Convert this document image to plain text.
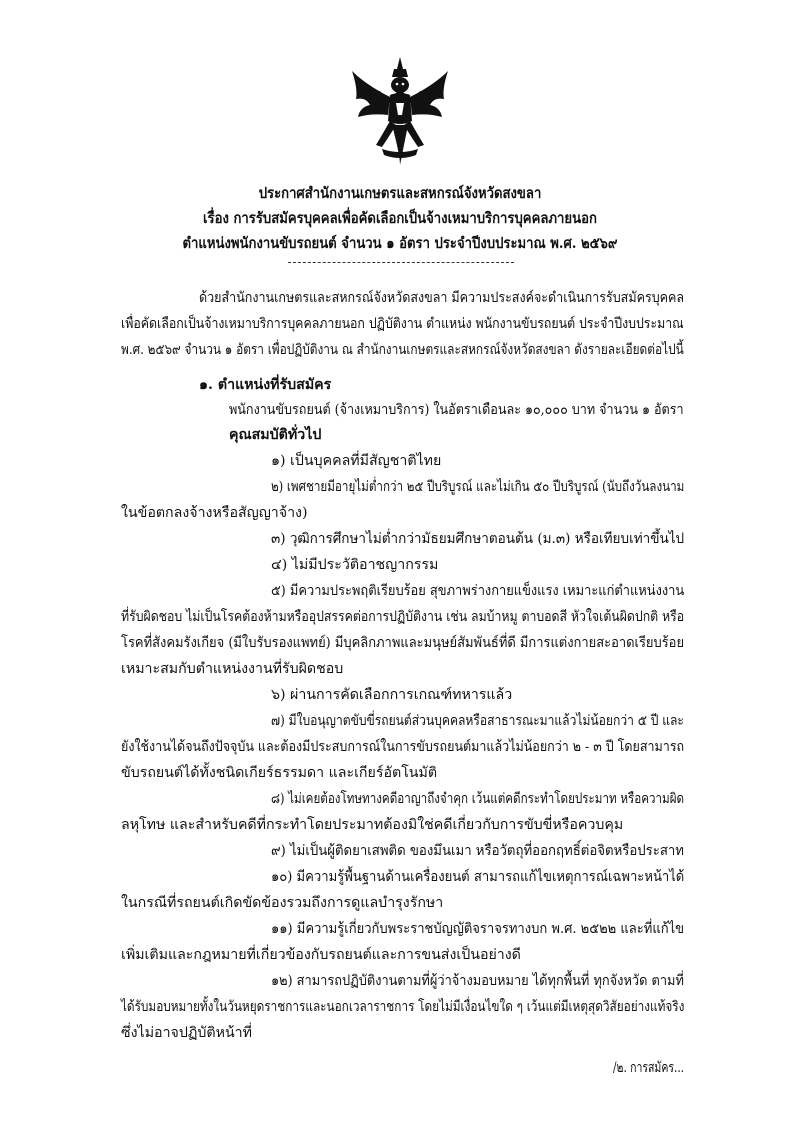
ประกาศสำนักงานเกษตรและสหกรณ์จังหวัดสงขลา
เรื่อง การรับสมัครบุคคลเพื่อคัดเลือกเป็นจ้างเหมาบริการบุคคลภายนอก
ตำแหน่งพนักงานขับรถยนต์ จำนวน ๑ อัตรา ประจำปีงบประมาณ พ.ศ. ๒๕๖๙
ด้วยสำนักงานเกษตรและสหกรณ์จังหวัดสงขลา มีความประสงค์จะดำเนินการรับสมัครบุคคล
เพื่อคัดเลือกเป็นจ้างเหมาบริการบุคคลภายนอก ปฏิบัติงาน ตำแหน่ง พนักงานขับรถยนต์ ประจำปีงบประมาณ
พ.ศ. ๒๕๖๙ จำนวน ๑ อัตรา เพื่อปฏิบัติงาน ณ สำนักงานเกษตรและสหกรณ์จังหวัดสงขลา ดังรายละเอียดต่อไปนี้
๑. ตำแหน่งที่รับสมัคร
พนักงานขับรถยนต์ (จ้างเหมาบริการ) ในอัตราเดือนละ ๑๐,๐๐๐ บาท จำนวน ๑ อัตรา
คุณสมบัติทั่วไป
๑) เป็นบุคคลที่มีสัญชาติไทย
๒) เพศชายมีอายุไม่ต่ำกว่า ๒๕ ปีบริบูรณ์ และไม่เกิน ๕๐ ปีบริบูรณ์ (นับถึงวันลงนาม
ในข้อตกลงจ้างหรือสัญญาจ้าง)
๓) วุฒิการศึกษาไม่ต่ำกว่ามัธยมศึกษาตอนต้น (ม.๓) หรือเทียบเท่าขึ้นไป
๔) ไม่มีประวัติอาชญากรรม
๕) มีความประพฤติเรียบร้อย สุขภาพร่างกายแข็งแรง เหมาะแก่ตำแหน่งงาน
ที่รับผิดชอบ ไม่เป็นโรคต้องห้ามหรืออุปสรรคต่อการปฏิบัติงาน เช่น ลมบ้าหมู ตาบอดสี หัวใจเต้นผิดปกติ หรือ
โรคที่สังคมรังเกียจ (มีใบรับรองแพทย์) มีบุคลิกภาพและมนุษย์สัมพันธ์ที่ดี มีการแต่งกายสะอาดเรียบร้อย
เหมาะสมกับตำแหน่งงานที่รับผิดชอบ
๖) ผ่านการคัดเลือกการเกณฑ์ทหารแล้ว
๗) มีใบอนุญาตขับขี่รถยนต์ส่วนบุคคลหรือสาธารณะมาแล้วไม่น้อยกว่า ๕ ปี และ
ยังใช้งานได้จนถึงปัจจุบัน และต้องมีประสบการณ์ในการขับรถยนต์มาแล้วไม่น้อยกว่า ๒ - ๓ ปี โดยสามารถ
ขับรถยนต์ได้ทั้งชนิดเกียร์ธรรมดา และเกียร์อัตโนมัติ
๘) ไม่เคยต้องโทษทางคดีอาญาถึงจำคุก เว้นแต่คดีกระทำโดยประมาท หรือความผิด
ลหุโทษ และสำหรับคดีที่กระทำโดยประมาทต้องมิใช่คดีเกี่ยวกับการขับขี่หรือควบคุม
๙) ไม่เป็นผู้ติดยาเสพติด ของมึนเมา หรือวัตถุที่ออกฤทธิ์ต่อจิตหรือประสาท
๑๐) มีความรู้พื้นฐานด้านเครื่องยนต์ สามารถแก้ไขเหตุการณ์เฉพาะหน้าได้
ในกรณีที่รถยนต์เกิดขัดข้องรวมถึงการดูแลบำรุงรักษา
๑๑) มีความรู้เกี่ยวกับพระราชบัญญัติจราจรทางบก พ.ศ. ๒๕๒๒ และที่แก้ไข
เพิ่มเติมและกฎหมายที่เกี่ยวข้องกับรถยนต์และการขนส่งเป็นอย่างดี
๑๒) สามารถปฏิบัติงานตามที่ผู้ว่าจ้างมอบหมาย ได้ทุกพื้นที่ ทุกจังหวัด ตามที่
ได้รับมอบหมายทั้งในวันหยุดราชการและนอกเวลาราชการ โดยไม่มีเงื่อนไขใด ๆ เว้นแต่มีเหตุสุดวิสัยอย่างแท้จริง
ซึ่งไม่อาจปฏิบัติหน้าที่
/๒. การสมัคร...
